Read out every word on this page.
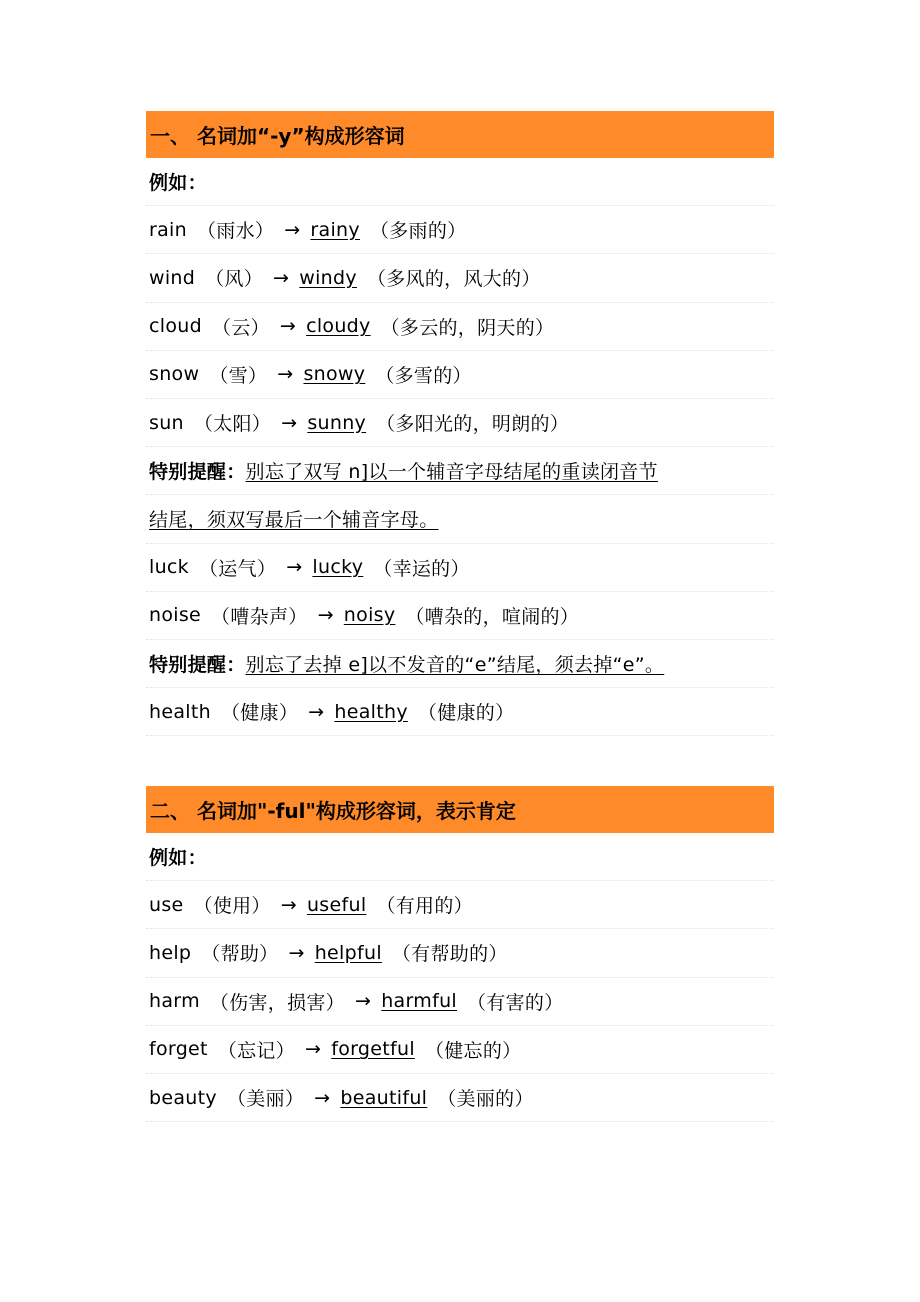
一、 名词加“-y”构成形容词
例如：
rain （雨水） → rainy （多雨的）
wind （风） → windy （多风的，风大的）
cloud （云） → cloudy （多云的，阴天的）
snow （雪） → snowy （多雪的）
sun （太阳） → sunny （多阳光的，明朗的）
特别提醒： 别忘了双写 n]以一个辅音字母结尾的重读闭音节
结尾，须双写最后一个辅音字母。
luck （运气） → lucky （幸运的）
noise （嘈杂声） → noisy （嘈杂的，喧闹的）
特别提醒： 别忘了去掉 e]以不发音的“e”结尾，须去掉“e”。
health （健康） → healthy （健康的）
二、 名词加"-ful"构成形容词，表示肯定
例如：
use （使用） → useful （有用的）
help （帮助） → helpful （有帮助的）
harm （伤害，损害） → harmful （有害的）
forget （忘记） → forgetful （健忘的）
beauty （美丽） → beautiful （美丽的）
